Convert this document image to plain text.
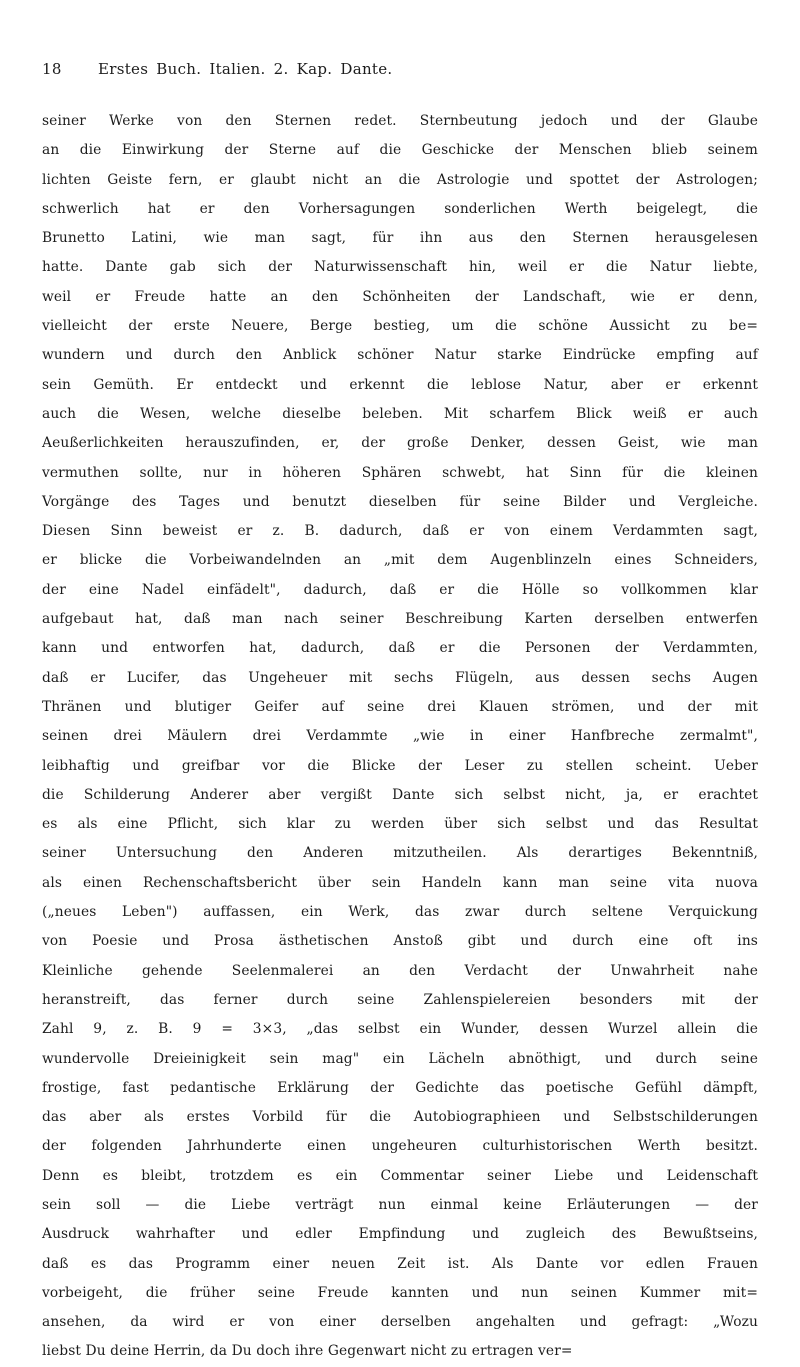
18 Erstes Buch. Italien. 2. Kap. Dante.
seiner Werke von den Sternen redet. Sternbeutung jedoch und der Glaube
an die Einwirkung der Sterne auf die Geschicke der Menschen blieb seinem
lichten Geiste fern, er glaubt nicht an die Astrologie und spottet der Astrologen;
schwerlich hat er den Vorhersagungen sonderlichen Werth beigelegt, die
Brunetto Latini, wie man sagt, für ihn aus den Sternen herausgelesen
hatte. Dante gab sich der Naturwissenschaft hin, weil er die Natur liebte,
weil er Freude hatte an den Schönheiten der Landschaft, wie er denn,
vielleicht der erste Neuere, Berge bestieg, um die schöne Aussicht zu be=
wundern und durch den Anblick schöner Natur starke Eindrücke empfing auf
sein Gemüth. Er entdeckt und erkennt die leblose Natur, aber er erkennt
auch die Wesen, welche dieselbe beleben. Mit scharfem Blick weiß er auch
Aeußerlichkeiten herauszufinden, er, der große Denker, dessen Geist, wie man
vermuthen sollte, nur in höheren Sphären schwebt, hat Sinn für die kleinen
Vorgänge des Tages und benutzt dieselben für seine Bilder und Vergleiche.
Diesen Sinn beweist er z. B. dadurch, daß er von einem Verdammten sagt,
er blicke die Vorbeiwandelnden an „mit dem Augenblinzeln eines Schneiders,
der eine Nadel einfädelt", dadurch, daß er die Hölle so vollkommen klar
aufgebaut hat, daß man nach seiner Beschreibung Karten derselben entwerfen
kann und entworfen hat, dadurch, daß er die Personen der Verdammten,
daß er Lucifer, das Ungeheuer mit sechs Flügeln, aus dessen sechs Augen
Thränen und blutiger Geifer auf seine drei Klauen strömen, und der mit
seinen drei Mäulern drei Verdammte „wie in einer Hanfbreche zermalmt",
leibhaftig und greifbar vor die Blicke der Leser zu stellen scheint. Ueber
die Schilderung Anderer aber vergißt Dante sich selbst nicht, ja, er erachtet
es als eine Pflicht, sich klar zu werden über sich selbst und das Resultat
seiner Untersuchung den Anderen mitzutheilen. Als derartiges Bekenntniß,
als einen Rechenschaftsbericht über sein Handeln kann man seine vita nuova
(„neues Leben") auffassen, ein Werk, das zwar durch seltene Verquickung
von Poesie und Prosa ästhetischen Anstoß gibt und durch eine oft ins
Kleinliche gehende Seelenmalerei an den Verdacht der Unwahrheit nahe
heranstreift, das ferner durch seine Zahlenspielereien besonders mit der
Zahl 9, z. B. 9 = 3×3, „das selbst ein Wunder, dessen Wurzel allein die
wundervolle Dreieinigkeit sein mag" ein Lächeln abnöthigt, und durch seine
frostige, fast pedantische Erklärung der Gedichte das poetische Gefühl dämpft,
das aber als erstes Vorbild für die Autobiographieen und Selbstschilderungen
der folgenden Jahrhunderte einen ungeheuren culturhistorischen Werth besitzt.
Denn es bleibt, trotzdem es ein Commentar seiner Liebe und Leidenschaft
sein soll — die Liebe verträgt nun einmal keine Erläuterungen — der
Ausdruck wahrhafter und edler Empfindung und zugleich des Bewußtseins,
daß es das Programm einer neuen Zeit ist. Als Dante vor edlen Frauen
vorbeigeht, die früher seine Freude kannten und nun seinen Kummer mit=
ansehen, da wird er von einer derselben angehalten und gefragt: „Wozu
liebst Du deine Herrin, da Du doch ihre Gegenwart nicht zu ertragen ver=
